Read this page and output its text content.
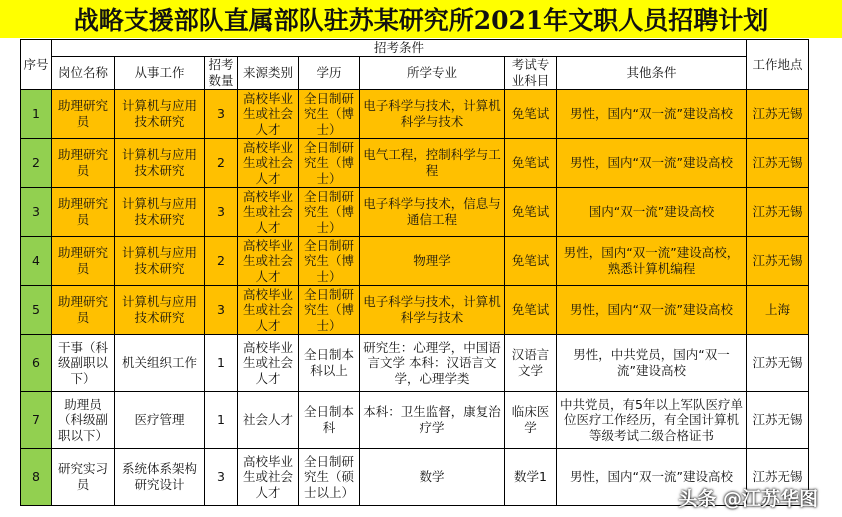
战略支援部队直属部队驻苏某研究所2021年文职人员招聘计划
序号	招考条件								工作地点
	岗位名称	从事工作	招考数量	来源类别	学历	所学专业	考试专业科目	其他条件	
1	助理研究员	计算机与应用技术研究	3	高校毕业生或社会人才	全日制研究生（博士）	电子科学与技术，计算机科学与技术	免笔试	男性，国内“双一流”建设高校	江苏无锡
2	助理研究员	计算机与应用技术研究	2	高校毕业生或社会人才	全日制研究生（博士）	电气工程，控制科学与工程	免笔试	男性，国内“双一流”建设高校	江苏无锡
3	助理研究员	计算机与应用技术研究	3	高校毕业生或社会人才	全日制研究生（博士）	电子科学与技术，信息与通信工程	免笔试	国内“双一流”建设高校	江苏无锡
4	助理研究员	计算机与应用技术研究	2	高校毕业生或社会人才	全日制研究生（博士）	物理学	免笔试	男性，国内“双一流”建设高校，熟悉计算机编程	江苏无锡
5	助理研究员	计算机与应用技术研究	3	高校毕业生或社会人才	全日制研究生（博士）	电子科学与技术，计算机科学与技术	免笔试	男性，国内“双一流”建设高校	上海
6	干事（科级副职以下）	机关组织工作	1	高校毕业生或社会人才	全日制本科以上	研究生：心理学，中国语言文学 本科：汉语言文学，心理学类	汉语言文学	男性，中共党员，国内“双一流”建设高校	江苏无锡
7	助理员（科级副职以下）	医疗管理	1	社会人才	全日制本科	本科：卫生监督，康复治疗学	临床医学	中共党员，有5年以上军队医疗单位医疗工作经历，有全国计算机等级考试二级合格证书	江苏无锡
8	研究实习员	系统体系架构研究设计	3	高校毕业生或社会人才	全日制研究生（硕士以上）	数学	数学1	男性，国内“双一流”建设高校	江苏无锡
头条 @江苏华图
